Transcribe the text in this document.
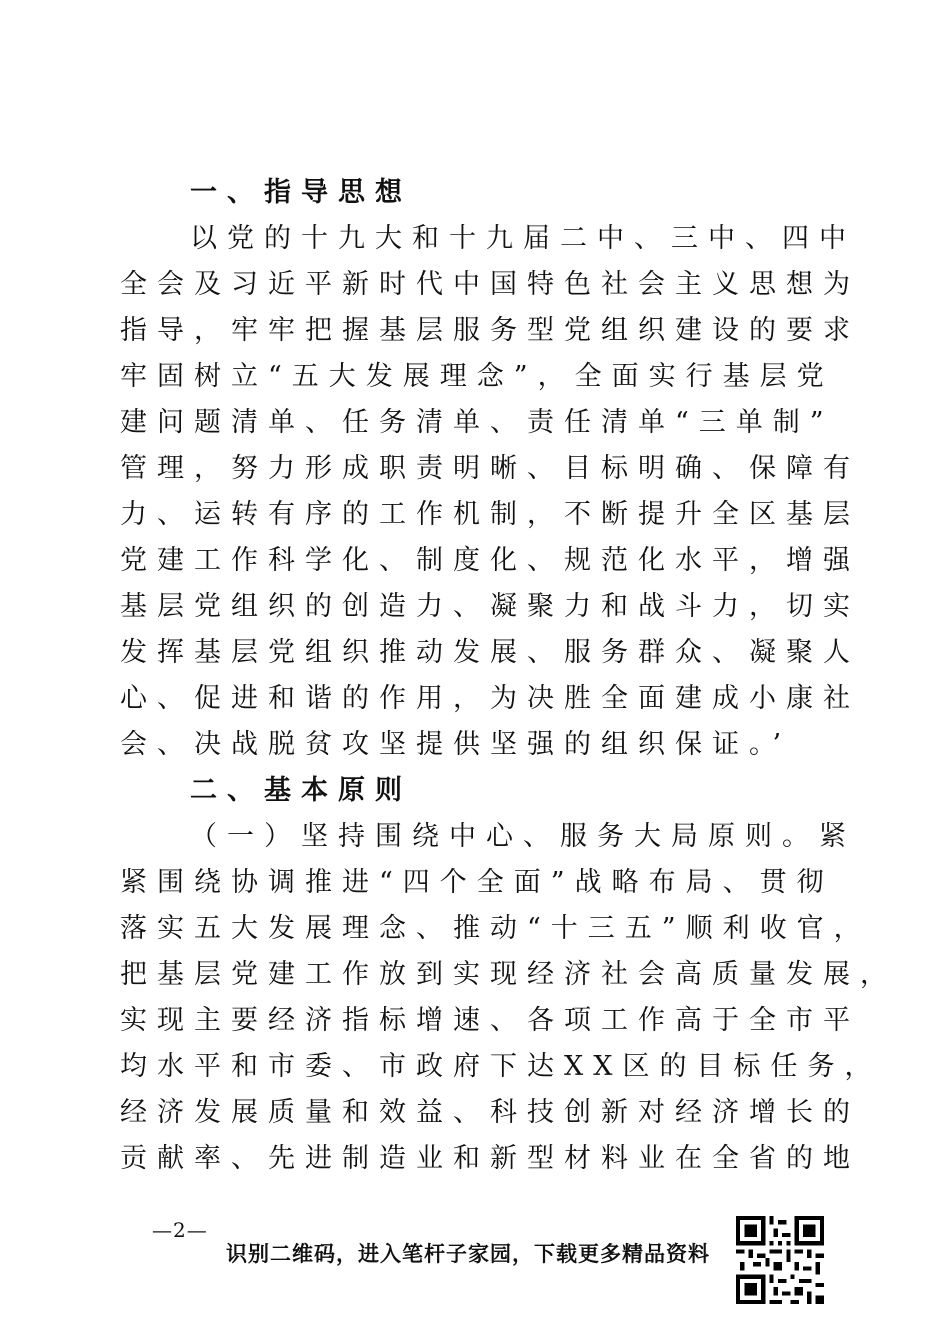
一、指导思想
以党的十九大和十九届二中、三中、四中
全会及习近平新时代中国特色社会主义思想为
指导，牢牢把握基层服务型党组织建设的要求
牢固树立“五大发展理念”，全面实行基层党
建问题清单、任务清单、责任清单“三单制”
管理，努力形成职责明晰、目标明确、保障有
力、运转有序的工作机制，不断提升全区基层
党建工作科学化、制度化、规范化水平，增强
基层党组织的创造力、凝聚力和战斗力，切实
发挥基层党组织推动发展、服务群众、凝聚人
心、促进和谐的作用，为决胜全面建成小康社
会、决战脱贫攻坚提供坚强的组织保证。’
二、基本原则
（一）坚持围绕中心、服务大局原则。紧
紧围绕协调推进“四个全面”战略布局、贯彻
落实五大发展理念、推动“十三五”顺利收官，
把基层党建工作放到实现经济社会高质量发展，
实现主要经济指标增速、各项工作高于全市平
均水平和市委、市政府下达XX区的目标任务，
经济发展质量和效益、科技创新对经济增长的
贡献率、先进制造业和新型材料业在全省的地
—2—
识别二维码，进入笔杆子家园，下载更多精品资料
